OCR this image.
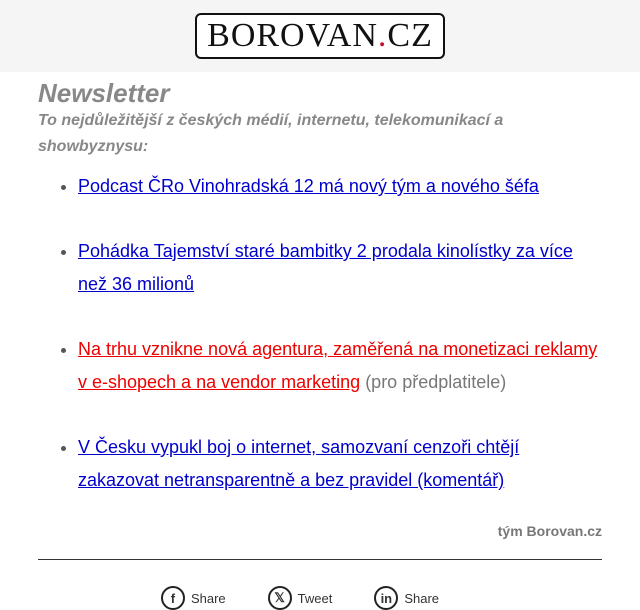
BOROVAN.CZ
Newsletter

To nejdůležitější z českých médií, internetu, telekomunikací a showbyznysu:

• Podcast ČRo Vinohradská 12 má nový tým a nového šéfa
• Pohádka Tajemství staré bambitky 2 prodala kinolístky za více než 36 milionů
• Na trhu vznikne nová agentura, zaměřená na monetizaci reklamy v e-shopech a na vendor marketing (pro předplatitele)
• V Česku vypukl boj o internet, samozvaní cenzoři chtějí zakazovat netransparentně a bez pravidel (komentář)
tým Borovan.cz
f	Share	𝕏 Tweet	in Share
